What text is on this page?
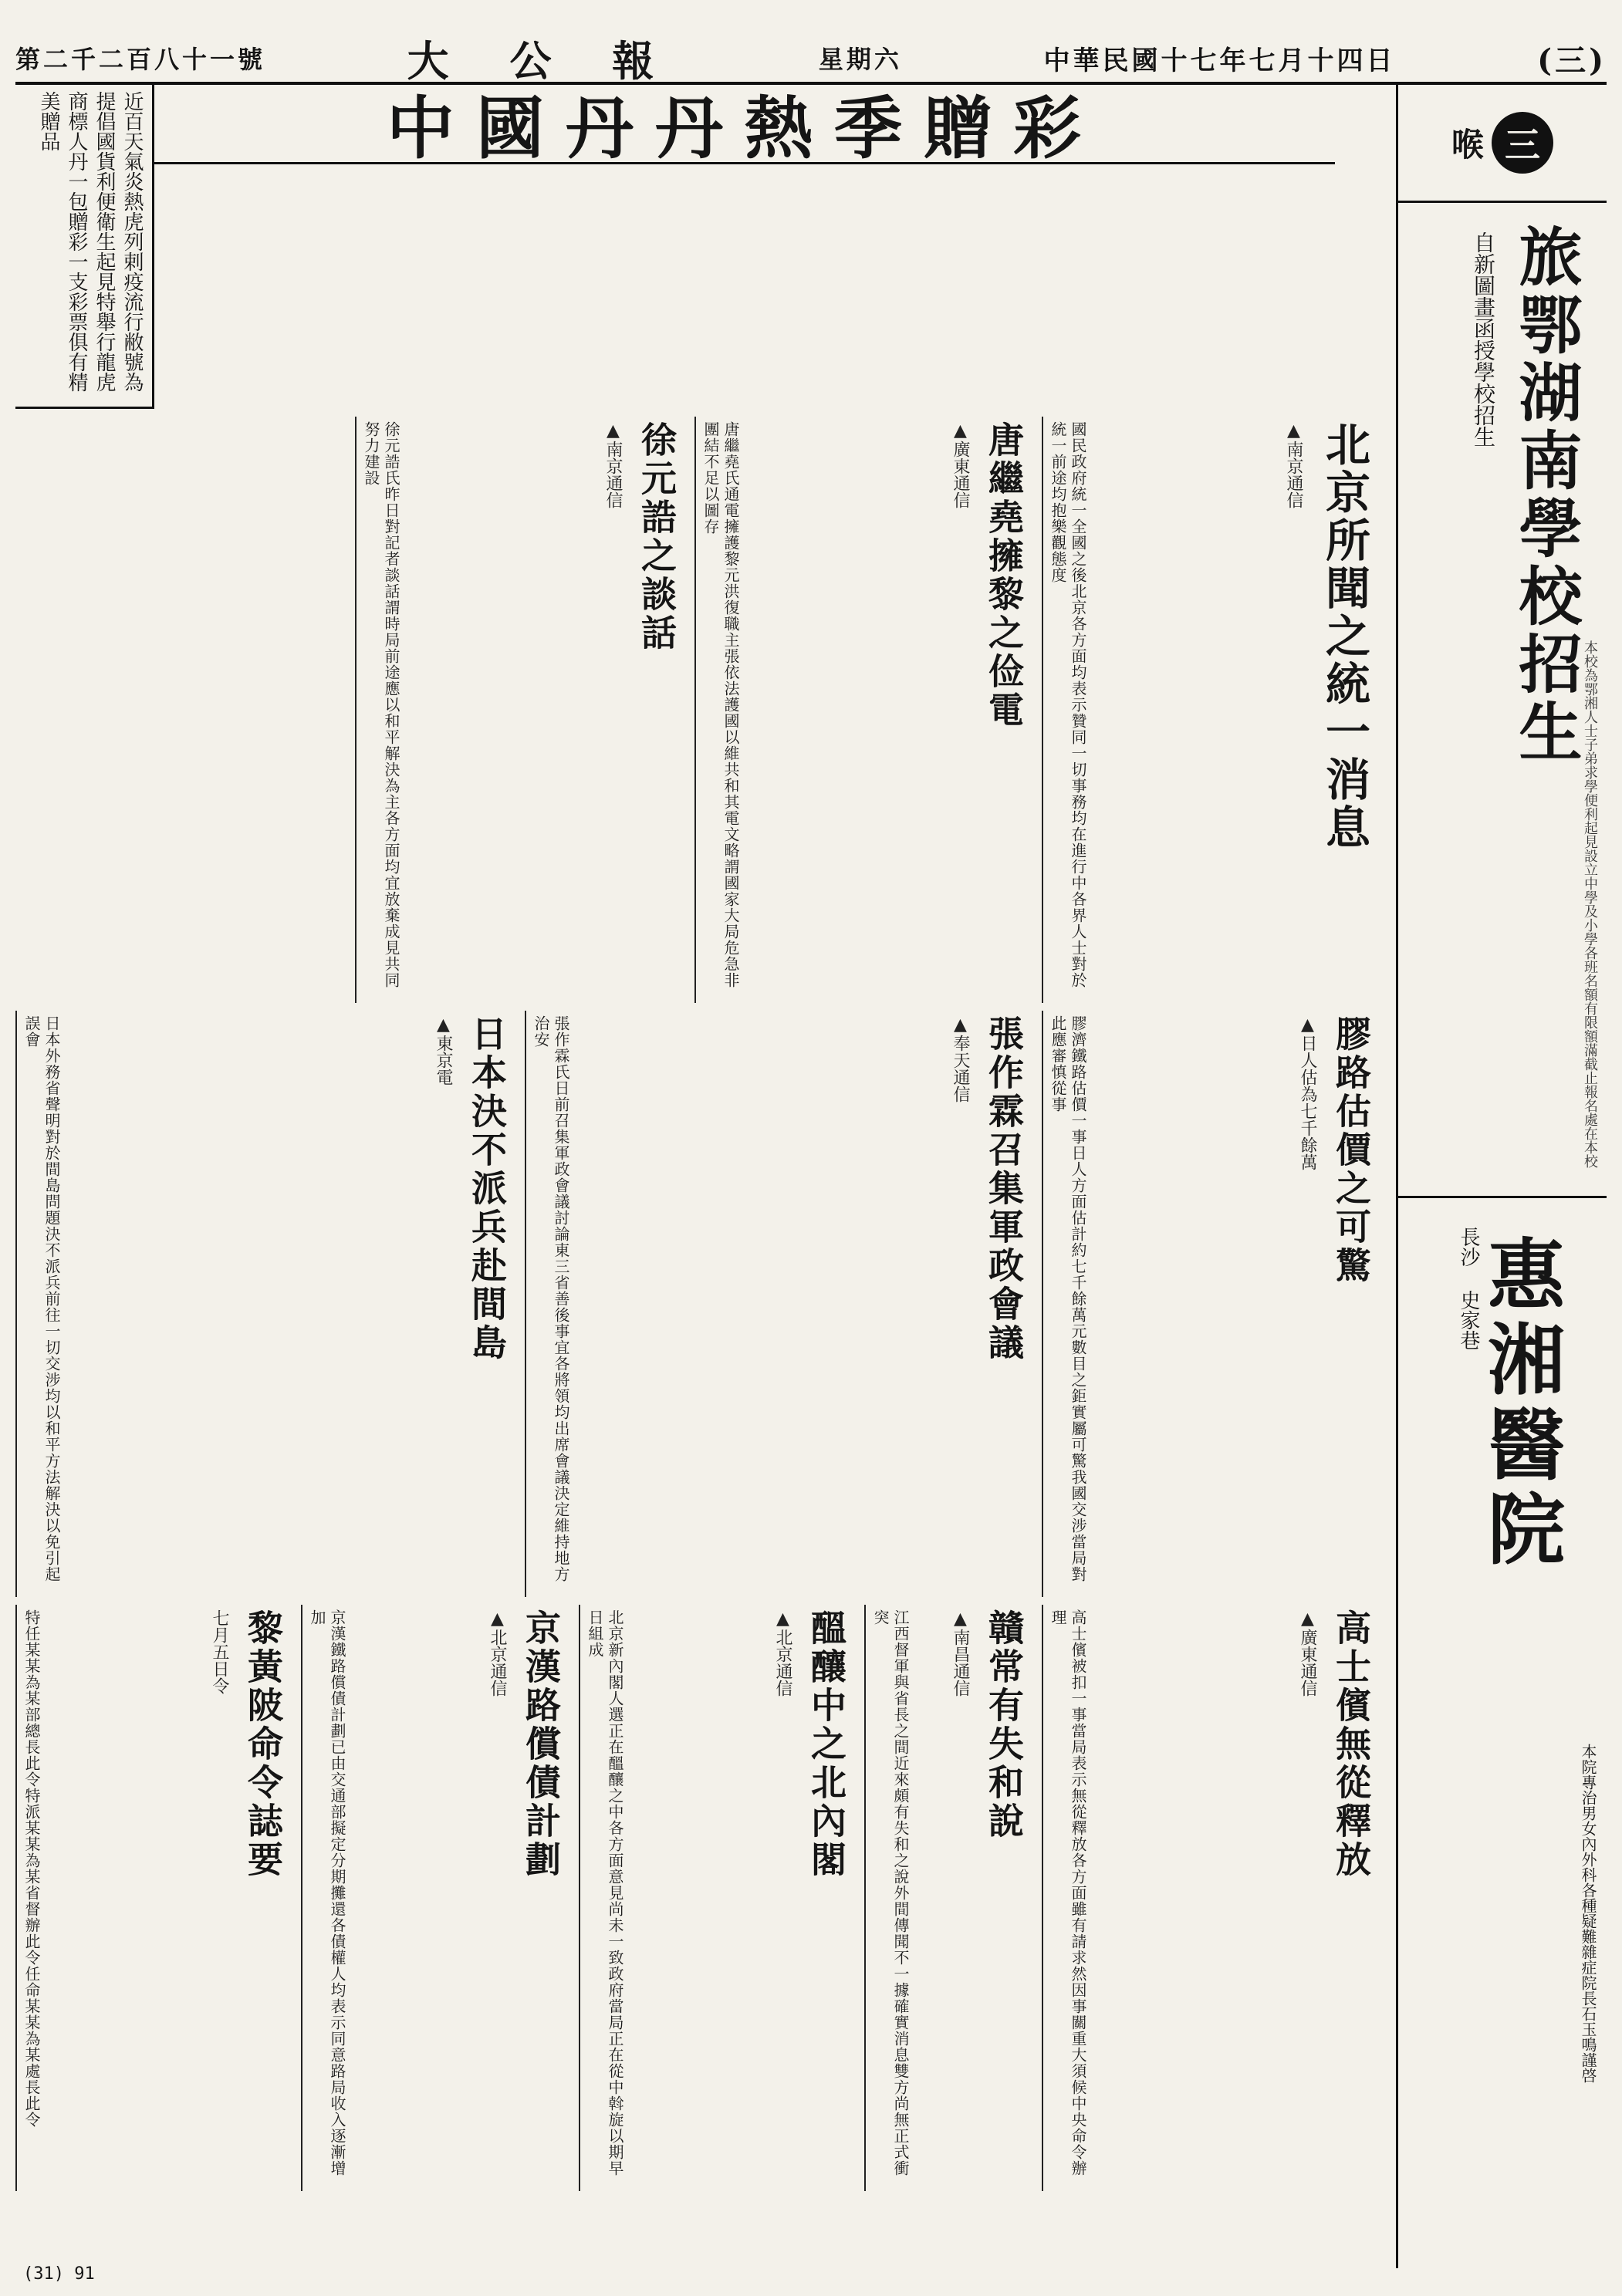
(三)
中華民國十七年七月十四日
星期六
大 公 報
第二千二百八十一號
近百天氣炎熱虎列剌疫流行敝號為提倡國貨利便衛生起見特舉行龍虎商標人丹一包贈彩一支彩票俱有精美贈品	中國丹丹熱季贈彩	喉 三
旅鄂湖南學校招生
自新圖畫函授學校招生
本校為鄂湘人士子弟求學便利起見設立中學及小學各班名額有限額滿截止報名處在本校
惠湘醫院
長沙 史家巷
本院專治男女內外科各種疑難雜症院長石玉鳴謹啓
北京所聞之統一消息
▲南京通信
國民政府統一全國之後北京各方面均表示贊同一切事務均在進行中各界人士對於統一前途均抱樂觀態度
唐繼堯擁黎之俭電
▲廣東通信
唐繼堯氏通電擁護黎元洪復職主張依法護國以維共和其電文略謂國家大局危急非團結不足以圖存
徐元誥之談話
▲南京通信
徐元誥氏昨日對記者談話謂時局前途應以和平解決為主各方面均宜放棄成見共同努力建設
膠路估價之可驚
▲日人估為七千餘萬
膠濟鐵路估價一事日人方面估計約七千餘萬元數目之鉅實屬可驚我國交涉當局對此應審慎從事
張作霖召集軍政會議
▲奉天通信
張作霖氏日前召集軍政會議討論東三省善後事宜各將領均出席會議決定維持地方治安
日本決不派兵赴間島
▲東京電
日本外務省聲明對於間島問題決不派兵前往一切交涉均以和平方法解決以免引起誤會
高士儐無從釋放
▲廣東通信
高士儐被扣一事當局表示無從釋放各方面雖有請求然因事關重大須候中央命令辦理
贛常有失和說
▲南昌通信
江西督軍與省長之間近來頗有失和之說外間傳聞不一據確實消息雙方尚無正式衝突
醞釀中之北內閣
▲北京通信
北京新內閣人選正在醞釀之中各方面意見尚未一致政府當局正在從中斡旋以期早日組成
京漢路償債計劃
▲北京通信
京漢鐵路償債計劃已由交通部擬定分期攤還各債權人均表示同意路局收入逐漸增加
黎黃陂命令誌要
七月五日令
特任某某為某部總長此令特派某某為某省督辦此令任命某某為某處長此令
(31) 91
